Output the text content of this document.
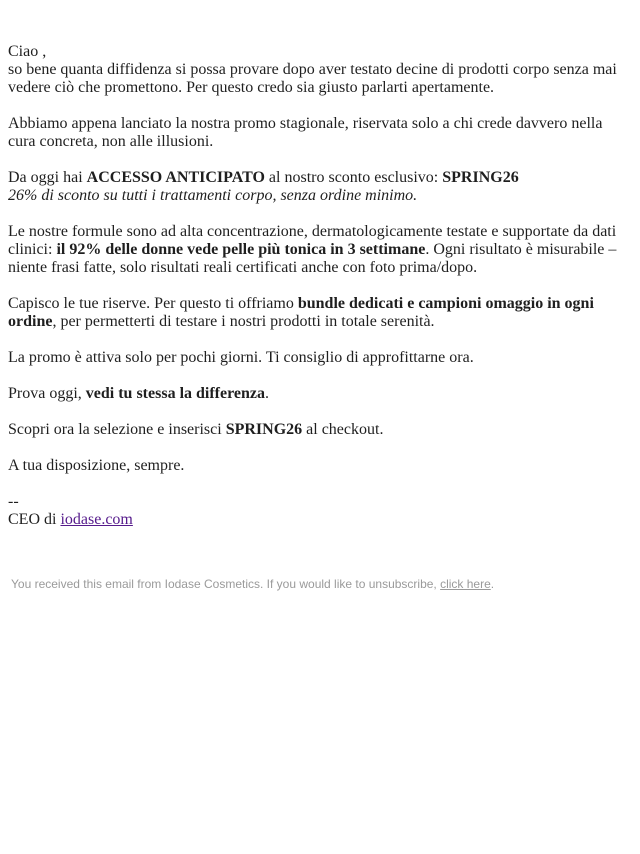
Ciao ,
so bene quanta diffidenza si possa provare dopo aver testato decine di prodotti corpo senza mai vedere ciò che promettono. Per questo credo sia giusto parlarti apertamente.
Abbiamo appena lanciato la nostra promo stagionale, riservata solo a chi crede davvero nella cura concreta, non alle illusioni.
Da oggi hai ACCESSO ANTICIPATO al nostro sconto esclusivo: SPRING26
26% di sconto su tutti i trattamenti corpo, senza ordine minimo.
Le nostre formule sono ad alta concentrazione, dermatologicamente testate e supportate da dati clinici: il 92% delle donne vede pelle più tonica in 3 settimane. Ogni risultato è misurabile – niente frasi fatte, solo risultati reali certificati anche con foto prima/dopo.
Capisco le tue riserve. Per questo ti offriamo bundle dedicati e campioni omaggio in ogni ordine, per permetterti di testare i nostri prodotti in totale serenità.
La promo è attiva solo per pochi giorni. Ti consiglio di approfittarne ora.
Prova oggi, vedi tu stessa la differenza.
Scopri ora la selezione e inserisci SPRING26 al checkout.
A tua disposizione, sempre.
--
CEO di iodase.com
You received this email from Iodase Cosmetics. If you would like to unsubscribe, click here.
